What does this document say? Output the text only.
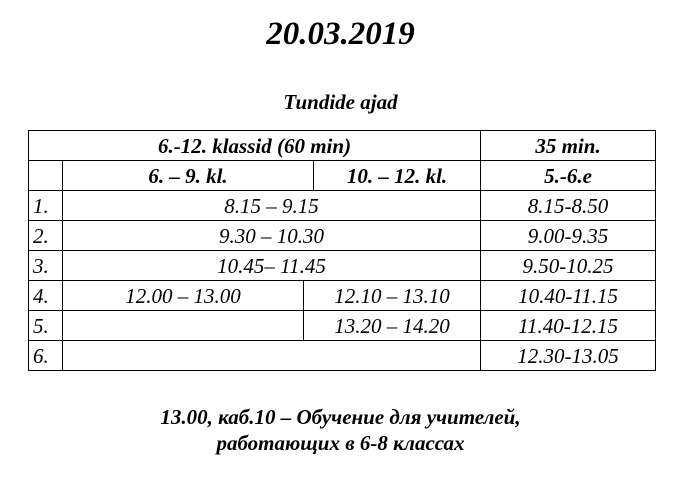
20.03.2019
Tundide ajad
6.-12. klassid (60 min)				35 min.
	6. – 9. kl.		10. – 12. kl.	5.-6.e
1.	8.15 – 9.15			8.15-8.50
2.	9.30 – 10.30			9.00-9.35
3.	10.45– 11.45			9.50-10.25
4.	12.00 – 13.00	12.10 – 13.10		10.40-11.15
5.		13.20 – 14.20		11.40-12.15
6.				12.30-13.05
13.00, каб.10 – Обучение для учителей,
работающих в 6-8 классах
